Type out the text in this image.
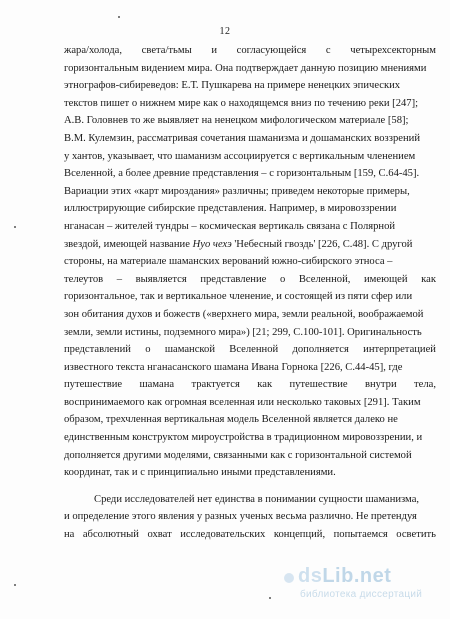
12
жара/холода, света/тьмы и согласующейся с четырехсекторным
горизонтальным видением мира. Она подтверждает данную позицию мнениями
этнографов-сибиреведов: Е.Т. Пушкарева на примере ненецких эпических
текстов пишет о нижнем мире как о находящемся вниз по течению реки [247];
А.В. Головнев то же выявляет на ненецком мифологическом материале [58];
В.М. Кулемзин, рассматривая сочетания шаманизма и дошаманских воззрений
у хантов, указывает, что шаманизм ассоциируется с вертикальным членением
Вселенной, а более древние представления – с горизонтальным [159, С.64-45].
Вариации этих «карт мироздания» различны; приведем некоторые примеры,
иллюстрирующие сибирские представления. Например, в мировоззрении
нганасан – жителей тундры – космическая вертикаль связана с Полярной
звездой, имеющей название Нуо чехэ 'Небесный гвоздь' [226, С.48]. С другой
стороны, на материале шаманских верований южно-сибирского этноса –
телеутов – выявляется представление о Вселенной, имеющей как
горизонтальное, так и вертикальное членение, и состоящей из пяти сфер или
зон обитания духов и божеств («верхнего мира, земли реальной, воображаемой
земли, земли истины, подземного мира») [21; 299, С.100-101]. Оригинальность
представлений о шаманской Вселенной дополняется интерпретацией
известного текста нганасанского шамана Ивана Горнока [226, С.44-45], где
путешествие шамана трактуется как путешествие внутри тела,
воспринимаемого как огромная вселенная или несколько таковых [291]. Таким
образом, трехчленная вертикальная модель Вселенной является далеко не
единственным конструктом мироустройства в традиционном мировоззрении, и
дополняется другими моделями, связанными как с горизонтальной системой
координат, так и с принципиально иными представлениями.
Среди исследователей нет единства в понимании сущности шаманизма,
и определение этого явления у разных ученых весьма различно. Не претендуя
на абсолютный охват исследовательских концепций, попытаемся осветить
dsLib.net
библиотека диссертаций
